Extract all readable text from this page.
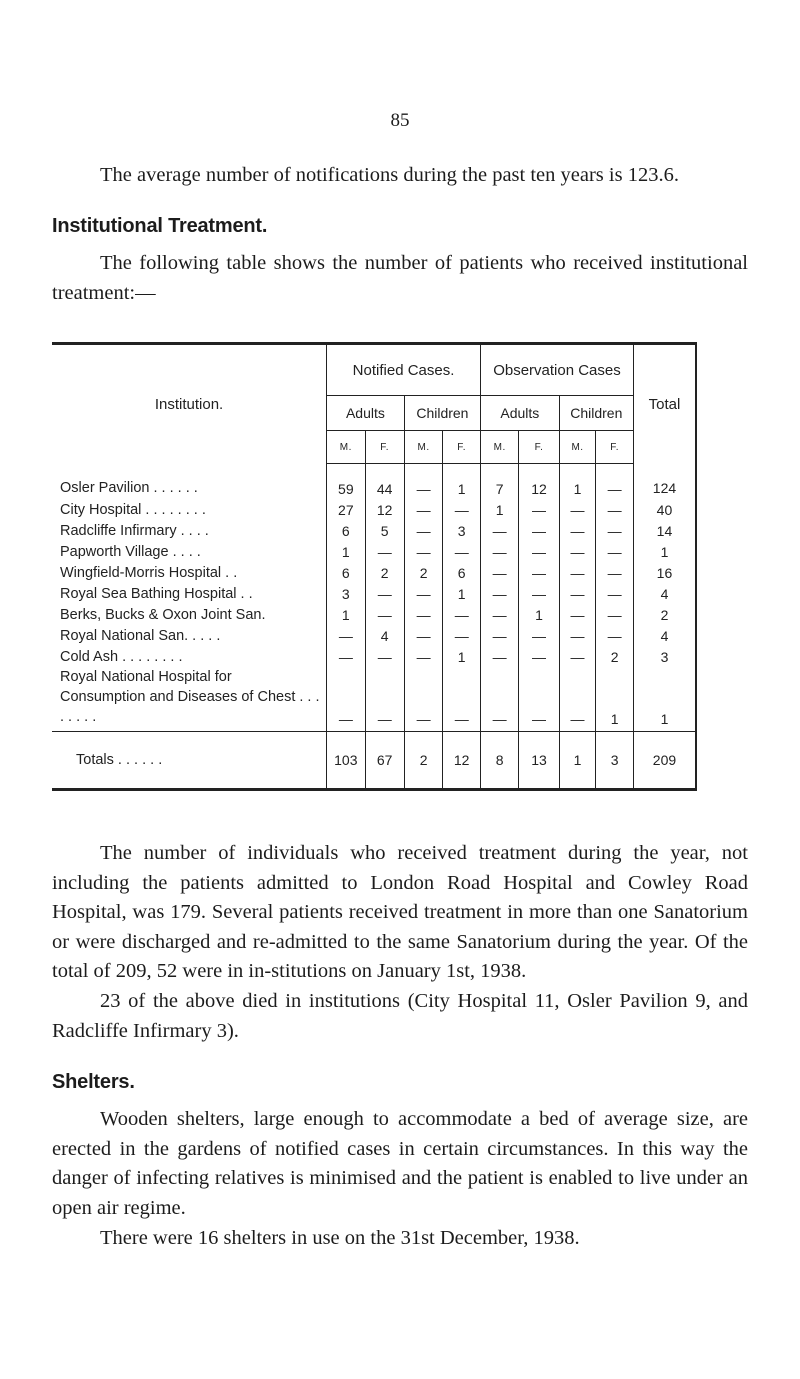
85

The average number of notifications during the past ten years is 123.6.

Institutional Treatment.

The following table shows the number of patients who received institutional treatment:—

Institution.	Notified Cases.				Observation Cases				Total
	Adults		Children		Adults		Children		
	M.	F.	M.	F.	M.	F.	M.	F.	
Osler Pavilion . . . . . .	59	44	—	1	7	12	1	—	124
City Hospital . . . . . . . .	27	12	—	—	1	—	—	—	40
Radcliffe Infirmary . . . .	6	5	—	3	—	—	—	—	14
Papworth Village . . . .	1	—	—	—	—	—	—	—	1
Wingfield-Morris Hospital . .	6	2	2	6	—	—	—	—	16
Royal Sea Bathing Hospital . .	3	—	—	1	—	—	—	—	4
Berks, Bucks & Oxon Joint San.	1	—	—	—	—	1	—	—	2
Royal National San. . . . .	—	4	—	—	—	—	—	—	4
Cold Ash . . . . . . . .	—	—	—	1	—	—	—	2	3
Royal National Hospital for Consumption and Diseases of Chest . . . . . . . .	—	—	—	—	—	—	—	1	1
Totals . . . . . .	103	67	2	12	8	13	1	3	209

The number of individuals who received treatment during the year, not including the patients admitted to London Road Hospital and Cowley Road Hospital, was 179. Several patients received treatment in more than one Sanatorium or were discharged and re-admitted to the same Sanatorium during the year. Of the total of 209, 52 were in in-stitutions on January 1st, 1938.

23 of the above died in institutions (City Hospital 11, Osler Pavilion 9, and Radcliffe Infirmary 3).

Shelters.

Wooden shelters, large enough to accommodate a bed of average size, are erected in the gardens of notified cases in certain circumstances. In this way the danger of infecting relatives is minimised and the patient is enabled to live under an open air regime.

There were 16 shelters in use on the 31st December, 1938.
